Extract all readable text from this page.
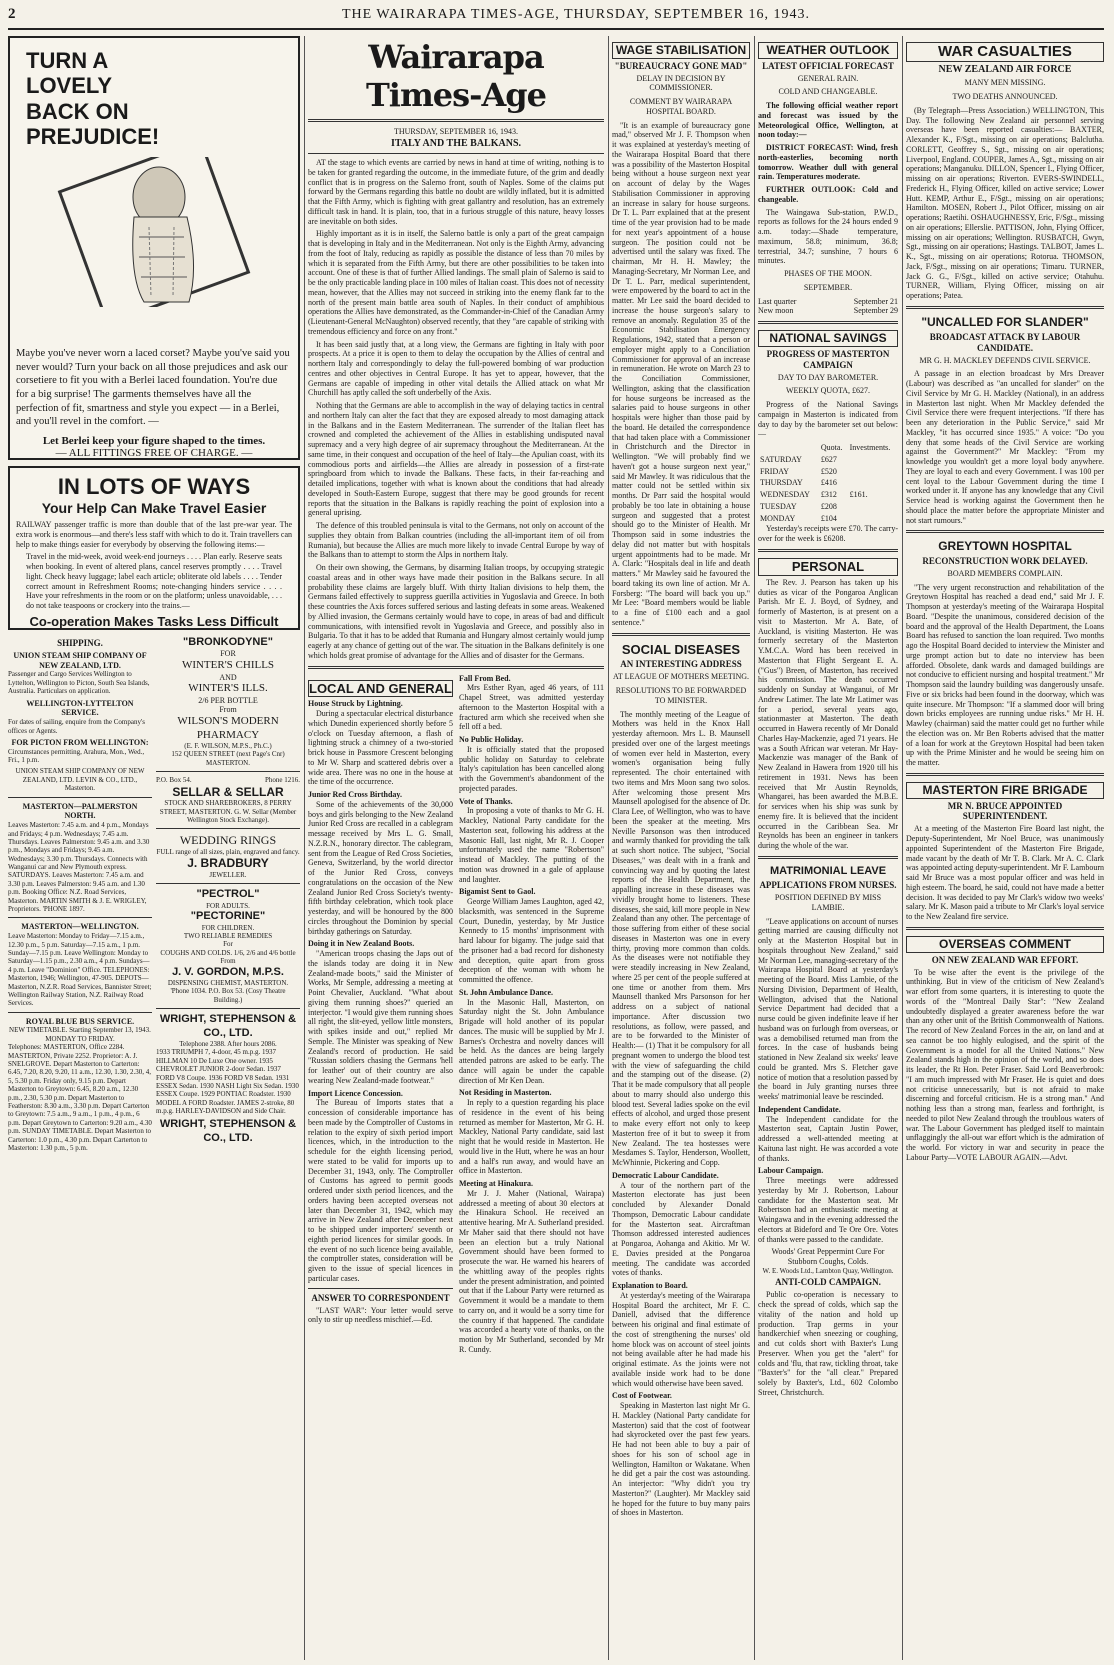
2	THE WAIRARAPA TIMES-AGE, THURSDAY, SEPTEMBER 16, 1943.
TURN A LOVELY BACK ON PREJUDICE!
Maybe you've never worn a laced corset? Maybe you've said you never would? Turn your back on all those prejudices and ask our corsetiere to fit you with a Berlei laced foundation. You're due for a big surprise! The garments themselves have all the perfection of fit, smartness and style you expect — in a Berlei, and you'll revel in the comfort. —
Let Berlei keep your figure shaped to the times.
— ALL FITTINGS FREE OF CHARGE. —
IN LOTS OF WAYS
Your Help Can Make Travel Easier
RAILWAY passenger traffic is more than double that of the last pre-war year. The extra work is enormous—and there's less staff with which to do it. Train travellers can help to make things easier for everybody by observing the following items:—
Travel in the mid-week, avoid week-end journeys . . . . Plan early. Reserve seats when booking. In event of altered plans, cancel reserves promptly . . . . Travel light. Check heavy luggage; label each article; obliterate old labels . . . . Tender correct amount in Refreshment Rooms; note-changing hinders service . . . . Have your refreshments in the room or on the platform; unless unavoidable, . . . do not take teaspoons or crockery into the trains.—
Co-operation Makes Tasks Less Difficult
SHIPPING.
UNION STEAM SHIP COMPANY OF NEW ZEALAND, LTD.
Passenger and Cargo Services Wellington to Lyttelton, Wellington to Picton, South Sea Islands, Australia. Particulars on application.
WELLINGTON-LYTTELTON SERVICE.
For dates of sailing, enquire from the Company's offices or Agents.
FOR PICTON FROM WELLINGTON:
Circumstances permitting, Arahura, Mon., Wed., Fri., 1 p.m.
UNION STEAM SHIP COMPANY OF NEW ZEALAND, LTD. LEVIN & CO., LTD., Masterton.
MASTERTON—PALMERSTON NORTH.
Leaves Masterton: 7.45 a.m. and 4 p.m., Mondays and Fridays; 4 p.m. Wednesdays; 7.45 a.m. Thursdays. Leaves Palmerston: 9.45 a.m. and 3.30 p.m., Mondays and Fridays; 9.45 a.m. Wednesdays; 3.30 p.m. Thursdays. Connects with Wanganui car and New Plymouth express. SATURDAYS. Leaves Masterton: 7.45 a.m. and 3.30 p.m. Leaves Palmerston: 9.45 a.m. and 1.30 p.m. Booking Office: N.Z. Road Services, Masterton. MARTIN SMITH & J. E. WRIGLEY, Proprietors. 'PHONE 1897.
MASTERTON—WELLINGTON.
Leave Masterton: Monday to Friday—7.15 a.m., 12.30 p.m., 5 p.m. Saturday—7.15 a.m., 1 p.m. Sunday—7.15 p.m. Leave Wellington: Monday to Saturday—1.15 p.m., 2.30 a.m., 4 p.m. Sundays—4 p.m. Leave "Dominion" Office. TELEPHONES: Masterton, 1946; Wellington, 47-905. DEPOTS—Masterton, N.Z.R. Road Services, Bannister Street; Wellington Railway Station, N.Z. Railway Road Services.
ROYAL BLUE BUS SERVICE.
NEW TIMETABLE. Starting September 13, 1943. MONDAY TO FRIDAY.
Telephones: MASTERTON, Office 2284. MASTERTON, Private 2252. Proprietor: A. J. SNELGROVE. Depart Masterton to Carterton: 6.45, 7.20, 8.20, 9.20, 11 a.m., 12.30, 1.30, 2.30, 4, 5, 5.30 p.m. Friday only, 9.15 p.m. Depart Masterton to Greytown: 6.45, 8.20 a.m., 12.30 p.m., 2.30, 5.30 p.m. Depart Masterton to Featherston: 8.30 a.m., 3.30 p.m. Depart Carterton to Greytown: 7.5 a.m., 9 a.m., 1 p.m., 4 p.m., 6 p.m. Depart Greytown to Carterton: 9.20 a.m., 4.30 p.m. SUNDAY TIMETABLE. Depart Masterton to Carterton: 1.0 p.m., 4.30 p.m. Depart Carterton to Masterton: 1.30 p.m., 5 p.m.
"BRONKODYNE"
FOR
WINTER'S CHILLS
AND
WINTER'S ILLS.
2/6 PER BOTTLE
From
WILSON'S MODERN PHARMACY
(E. F. WILSON, M.P.S., Ph.C.)
152 QUEEN STREET (next Page's Cnr) MASTERTON.
P.O. Box 54.	Phone 1216.
SELLAR & SELLAR
STOCK AND SHAREBROKERS, 8 PERRY STREET, MASTERTON. G. W. Sellar (Member Wellington Stock Exchange).
WEDDING RINGS
FULL range of all sizes, plain, engraved and fancy.
J. BRADBURY
JEWELLER.
"PECTROL"
FOR ADULTS.
"PECTORINE"
FOR CHILDREN.
TWO RELIABLE REMEDIES
For
COUGHS AND COLDS. 1/6, 2/6 and 4/6 bottle
From
J. V. GORDON, M.P.S.
DISPENSING CHEMIST, MASTERTON.
'Phone 1034. P.O. Box 53. (Cosy Theatre Building.)
WRIGHT, STEPHENSON & CO., LTD.
Telephone 2388. After hours 2086.
1933 TRIUMPH 7, 4-door, 45 m.p.g. 1937 HILLMAN 10 De Luxe One owner. 1935 CHEVROLET JUNIOR 2-door Sedan. 1937 FORD V8 Coupe. 1936 FORD V8 Sedan. 1931 ESSEX Sedan. 1930 NASH Light Six Sedan. 1930 ESSEX Coupe. 1929 PONTIAC Roadster. 1930 MODEL A FORD Roadster. JAMES 2-stroke, 80 m.p.g. HARLEY-DAVIDSON and Side Chair.
WRIGHT, STEPHENSON & CO., LTD.
Wairarapa Times-Age
THURSDAY, SEPTEMBER 16, 1943.
ITALY AND THE BALKANS.

AT the stage to which events are carried by news in hand at time of writing, nothing is to be taken for granted regarding the outcome, in the immediate future, of the grim and deadly conflict that is in progress on the Salerno front, south of Naples. Some of the claims put forward by the Germans regarding this battle no doubt are wildly inflated, but it is admitted that the Fifth Army, which is fighting with great gallantry and resolution, has an extremely difficult task in hand. It is plain, too, that in a furious struggle of this nature, heavy losses are inevitable on both sides.

Highly important as it is in itself, the Salerno battle is only a part of the great campaign that is developing in Italy and in the Mediterranean. Not only is the Eighth Army, advancing from the foot of Italy, reducing as rapidly as possible the distance of less than 70 miles by which it is separated from the Fifth Army, but there are other possibilities to be taken into account. One of these is that of further Allied landings. The small plain of Salerno is said to be the only practicable landing place in 100 miles of Italian coast. This does not of necessity mean, however, that the Allies may not succeed in striking into the enemy flank far to the north of the present main battle area south of Naples. In their conduct of amphibious operations the Allies have demonstrated, as the Commander-in-Chief of the Canadian Army (Lieutenant-General McNaughton) observed recently, that they "are capable of striking with tremendous efficiency and force on any front."

It has been said justly that, at a long view, the Germans are fighting in Italy with poor prospects. At a price it is open to them to delay the occupation by the Allies of central and northern Italy and correspondingly to delay the full-powered bombing of war production centres and other objectives in Central Europe. It has yet to appear, however, that the Germans are capable of impeding in other vital details the Allied attack on what Mr Churchill has aptly called the soft underbelly of the Axis.

Nothing that the Germans are able to accomplish in the way of delaying tactics in central and northern Italy can alter the fact that they are exposed already to most damaging attack in the Balkans and in the Eastern Mediterranean. The surrender of the Italian fleet has crowned and completed the achievement of the Allies in establishing undisputed naval supremacy and a very high degree of air supremacy throughout the Mediterranean. At the same time, in their conquest and occupation of the heel of Italy—the Apulian coast, with its commodious ports and airfields—the Allies are already in possession of a first-rate springboard from which to invade the Balkans. These facts, in their far-reaching and detailed implications, together with what is known about the conditions that had already developed in South-Eastern Europe, suggest that there may be good grounds for recent reports that the situation in the Balkans is rapidly reaching the point of explosion into a general uprising.

The defence of this troubled peninsula is vital to the Germans, not only on account of the supplies they obtain from Balkan countries (including the all-important item of oil from Rumania), but because the Allies are much more likely to invade Central Europe by way of the Balkans than to attempt to storm the Alps in northern Italy.

On their own showing, the Germans, by disarming Italian troops, by occupying strategic coastal areas and in other ways have made their position in the Balkans secure. In all probability these claims are largely bluff. With thirty Italian divisions to help them, the Germans failed effectively to suppress guerilla activities in Yugoslavia and Greece. In both these countries the Axis forces suffered serious and lasting defeats in some areas. Weakened by Allied invasion, the Germans certainly would have to cope, in areas of bad and difficult communications, with intensified revolt in Yugoslavia and Greece, and possibly also in Bulgaria. To that it has to be added that Rumania and Hungary almost certainly would jump eagerly at any chance of getting out of the war. The situation in the Balkans definitely is one which holds great promise of advantage for the Allies and of disaster for the Germans.

LOCAL AND GENERAL
House Struck by Lightning.

During a spectacular electrical disturbance which Dunedin experienced shortly before 5 o'clock on Tuesday afternoon, a flash of lightning struck a chimney of a two-storied brick house in Passmore Crescent belonging to Mr W. Sharp and scattered debris over a wide area. There was no one in the house at the time of the occurrence.

Junior Red Cross Birthday.

Some of the achievements of the 30,000 boys and girls belonging to the New Zealand Junior Red Cross are recalled in a cablegram message received by Mrs L. G. Small, N.Z.R.N., honorary director. The cablegram, sent from the League of Red Cross Societies, Geneva, Switzerland, by the world director of the Junior Red Cross, conveys congratulations on the occasion of the New Zealand Junior Red Cross Society's twenty-fifth birthday celebration, which took place yesterday, and will be honoured by the 800 circles throughout the Dominion by special birthday gatherings on Saturday.

Doing it in New Zealand Boots.

"American troops chasing the Japs out of the islands today are doing it in New Zealand-made boots," said the Minister of Works, Mr Semple, addressing a meeting at Point Chevalier, Auckland. "What about giving them running shoes?" queried an interjector. "I would give them running shoes all right, the slit-eyed, yellow little monsters, with spikes inside and out," replied Mr Semple. The Minister was speaking of New Zealand's record of production. He said "Russian soldiers chasing the Germans 'hell for leather' out of their country are also wearing New Zealand-made footwear."

Import Licence Concession.

The Bureau of Imports states that a concession of considerable importance has been made by the Comptroller of Customs in relation to the expiry of sixth period import licences, which, in the introduction to the schedule for the eighth licensing period, were stated to be valid for imports up to December 31, 1943, only. The Comptroller of Customs has agreed to permit goods ordered under sixth period licences, and the orders having been accepted overseas not later than December 31, 1942, which may arrive in New Zealand after December next to be shipped under importers' seventh or eighth period licences for similar goods. In the event of no such licence being available, the comptroller states, consideration will be given to the issue of special licences in particular cases.

ANSWER TO CORRESPONDENT

"LAST WAR": Your letter would serve only to stir up needless mischief.—Ed.

Fall From Bed.

Mrs Esther Ryan, aged 46 years, of 111 Chapel Street, was admitted yesterday afternoon to the Masterton Hospital with a fractured arm which she received when she fell off a bed.

No Public Holiday.

It is officially stated that the proposed public holiday on Saturday to celebrate Italy's capitulation has been cancelled along with the Government's abandonment of the projected parades.

Vote of Thanks.

In proposing a vote of thanks to Mr G. H. Mackley, National Party candidate for the Masterton seat, following his address at the Masonic Hall, last night, Mr R. J. Cooper unfortunately used the name "Robertson" instead of Mackley. The putting of the motion was drowned in a gale of applause and laughter.

Bigamist Sent to Gaol.

George William James Laughton, aged 42, blacksmith, was sentenced in the Supreme Court, Dunedin, yesterday, by Mr Justice Kennedy to 15 months' imprisonment with hard labour for bigamy. The judge said that the prisoner had a bad record for dishonesty and deception, quite apart from gross deception of the woman with whom he committed the offence.

St. John Ambulance Dance.

In the Masonic Hall, Masterton, on Saturday night the St. John Ambulance Brigade will hold another of its popular dances. The music will be supplied by Mr J. Barnes's Orchestra and novelty dances will be held. As the dances are being largely attended patrons are asked to be early. The dance will again be under the capable direction of Mr Ken Dean.

Not Residing in Masterton.

In reply to a question regarding his place of residence in the event of his being returned as member for Masterton, Mr G. H. Mackley, National Party candidate, said last night that he would reside in Masterton. He would live in the Hutt, where he was an hour and a half's run away, and would have an office in Masterton.

Meeting at Hinakura.

Mr J. J. Maher (National, Wairapa) addressed a meeting of about 30 electors at the Hinakura School. He received an attentive hearing. Mr A. Sutherland presided. Mr Maher said that there should not have been an election but a truly National Government should have been formed to prosecute the war. He warned his hearers of the whittling away of the peoples rights under the present administration, and pointed out that if the Labour Party were returned as Government it would be a mandate to them to carry on, and it would be a sorry time for the country if that happened. The candidate was accorded a hearty vote of thanks, on the motion by Mr Sutherland, seconded by Mr R. Cundy.

WAGE STABILISATION
"BUREAUCRACY GONE MAD"
DELAY IN DECISION BY COMMISSIONER.
COMMENT BY WAIRARAPA HOSPITAL BOARD.

"It is an example of bureaucracy gone mad," observed Mr J. F. Thompson when it was explained at yesterday's meeting of the Wairarapa Hospital Board that there was a possibility of the Masterton Hospital being without a house surgeon next year on account of delay by the Wages Stabilisation Commissioner in approving an increase in salary for house surgeons. Dr T. L. Parr explained that at the present time of the year provision had to be made for next year's appointment of a house surgeon. The position could not be advertised until the salary was fixed. The chairman, Mr H. H. Mawley; the Managing-Secretary, Mr Norman Lee, and Dr T. L. Parr, medical superintendent, were empowered by the board to act in the matter. Mr Lee said the board decided to increase the house surgeon's salary to remove an anomaly. Regulation 35 of the Economic Stabilisation Emergency Regulations, 1942, stated that a person or employer might apply to a Conciliation Commissioner for approval of an increase in remuneration. He wrote on March 23 to the Conciliation Commissioner, Wellington, asking that the classification for house surgeons be increased as the salaries paid to house surgeons in other hospitals were higher than those paid by the board. He detailed the correspondence that had taken place with a Commissioner in Christchurch and the Director in Wellington. "We will probably find we haven't got a house surgeon next year," said Mr Mawley. It was ridiculous that the matter could not be settled within six months. Dr Parr said the hospital would probably be too late in obtaining a house surgeon and suggested that a protest should go to the Minister of Health. Mr Thompson said in some industries the delay did not matter but with hospitals urgent appointments had to be made. Mr A. Clark: "Hospitals deal in life and death matters." Mr Mawley said he favoured the board taking its own line of action. Mr A. Forsberg: "The board will back you up." Mr Lee: "Board members would be liable to a fine of £100 each and a gaol sentence."

SOCIAL DISEASES
AN INTERESTING ADDRESS
AT LEAGUE OF MOTHERS MEETING.
RESOLUTIONS TO BE FORWARDED TO MINISTER.

The monthly meeting of the League of Mothers was held in the Knox Hall yesterday afternoon. Mrs L. B. Maunsell presided over one of the largest meetings of women ever held in Masterton, every women's organisation being fully represented. The choir entertained with two items and Mrs Moon sang two solos. After welcoming those present Mrs Maunsell apologised for the absence of Dr. Clara Lee, of Wellington, who was to have been the speaker at the meeting. Mrs Neville Parsonson was then introduced and warmly thanked for providing the talk at such short notice. The subject, "Social Diseases," was dealt with in a frank and convincing way and by quoting the latest reports of the Health Department, the appalling increase in these diseases was vividly brought home to listeners. These diseases, she said, kill more people in New Zealand than any other. The percentage of those suffering from either of these social diseases in Masterton was one in every thirty, proving more common than colds. As the diseases were not notifiable they were steadily increasing in New Zealand, where 25 per cent of the people suffered at one time or another from them. Mrs Maunsell thanked Mrs Parsonson for her address on a subject of national importance. After discussion two resolutions, as follow, were passed, and are to be forwarded to the Minister of Health:— (1) That it be compulsory for all pregnant women to undergo the blood test with the view of safeguarding the child and the stamping out of the disease. (2) That it be made compulsory that all people about to marry should also undergo this blood test. Several ladies spoke on the evil effects of alcohol, and urged those present to make every effort not only to keep Masterton free of it but to sweep it from New Zealand. The tea hostesses were Mesdames S. Taylor, Henderson, Woollett, McWhinnie, Pickering and Copp.

Democratic Labour Candidate.

A tour of the northern part of the Masterton electorate has just been concluded by Alexander Donald Thompson, Democratic Labour candidate for the Masterton seat. Aircraftman Thomson addressed interested audiences at Pongaroa, Aohanga and Akitio. Mr W. E. Davies presided at the Pongaroa meeting. The candidate was accorded votes of thanks.

Explanation to Board.

At yesterday's meeting of the Wairarapa Hospital Board the architect, Mr F. C. Daniell, advised that the difference between his original and final estimate of the cost of strengthening the nurses' old home block was on account of steel joints not being available after he had made his original estimate. As the joints were not available inside work had to be done which would otherwise have been saved.

Cost of Footwear.

Speaking in Masterton last night Mr G. H. Mackley (National Party candidate for Masterton) said that the cost of footwear had skyrocketed over the past few years. He had not been able to buy a pair of shoes for his son of school age in Wellington, Hamilton or Wakatane. When he did get a pair the cost was astounding. An interjector: "Why didn't you try Masterton?" (Laughter). Mr Mackley said he hoped for the future to buy many pairs of shoes in Masterton.

WEATHER OUTLOOK
LATEST OFFICIAL FORECAST
GENERAL RAIN.
COLD AND CHANGEABLE.

The following official weather report and forecast was issued by the Meteorological Office, Wellington, at noon today:—

DISTRICT FORECAST: Wind, fresh north-easterlies, becoming north tomorrow. Weather dull with general rain. Temperatures moderate.

FURTHER OUTLOOK: Cold and changeable.

The Waingawa Sub-station, P.W.D., reports as follows for the 24 hours ended 9 a.m. today:—Shade temperature, maximum, 58.8; minimum, 36.8; terrestrial, 34.7; sunshine, 7 hours 6 minutes.

PHASES OF THE MOON.
SEPTEMBER.
Last quarter	September 21
New moon	September 29
NATIONAL SAVINGS
PROGRESS OF MASTERTON CAMPAIGN
DAY TO DAY BAROMETER.
WEEKLY QUOTA, £627.

Progress of the National Savings campaign in Masterton is indicated from day to day by the barometer set out below:—

	Quota.	Investments.
SATURDAY	£627	
FRIDAY	£520	
THURSDAY	£416	
WEDNESDAY	£312	£161.
TUESDAY	£208	
MONDAY	£104	

Yesterday's receipts were £70. The carry-over for the week is £6208.

PERSONAL

The Rev. J. Pearson has taken up his duties as vicar of the Pongaroa Anglican Parish. Mr E. J. Boyd, of Sydney, and formerly of Masterton, is at present on a visit to Masterton. Mr A. Bate, of Auckland, is visiting Masterton. He was formerly secretary of the Masterton Y.M.C.A. Word has been received in Masterton that Flight Sergeant E. A. ("Gus") Breen, of Masterton, has received his commission. The death occurred suddenly on Sunday at Wanganui, of Mr Andrew Latimer. The late Mr Latimer was for a period, several years ago, stationmaster at Masterton. The death occurred in Hawera recently of Mr Donald Charles Hay-Mackenzie, aged 71 years. He was a South African war veteran. Mr Hay-Mackenzie was manager of the Bank of New Zealand in Hawera from 1920 till his retirement in 1931. News has been received that Mr Austin Reynolds, Whangarei, has been awarded the M.B.E. for services when his ship was sunk by enemy fire. It is believed that the incident occurred in the Caribbean Sea. Mr Reynolds has been an engineer in tankers during the whole of the war.

MATRIMONIAL LEAVE
APPLICATIONS FROM NURSES.
POSITION DEFINED BY MISS LAMBIE.

"Leave applications on account of nurses getting married are causing difficulty not only at the Masterton Hospital but in hospitals throughout New Zealand," said Mr Norman Lee, managing-secretary of the Wairarapa Hospital Board at yesterday's meeting of the Board. Miss Lambie, of the Nursing Division, Department of Health, Wellington, advised that the National Service Department had decided that a nurse could be given indefinite leave if her husband was on furlough from overseas, or was a demobilised returned man from the forces. In the case of husbands being stationed in New Zealand six weeks' leave could be granted. Mrs S. Fletcher gave notice of motion that a resolution passed by the board in July granting nurses three weeks' matrimonial leave be rescinded.

Independent Candidate.

The Independent candidate for the Masterton seat, Captain Justin Power, addressed a well-attended meeting at Kaituna last night. He was accorded a vote of thanks.

Labour Campaign.

Three meetings were addressed yesterday by Mr J. Robertson, Labour candidate for the Masterton seat. Mr Robertson had an enthusiastic meeting at Waingawa and in the evening addressed the electors at Bideford and Te Ore Ore. Votes of thanks were passed to the candidate.

Woods' Great Peppermint Cure For Stubborn Coughs, Colds.
W. E. Woods Ltd., Lambton Quay, Wellington.
ANTI-COLD CAMPAIGN.

Public co-operation is necessary to check the spread of colds, which sap the vitality of the nation and hold up production. Trap germs in your handkerchief when sneezing or coughing, and cut colds short with Baxter's Lung Preserver. When you get the "alert" for colds and 'flu, that raw, tickling throat, take "Baxter's" for the "all clear." Prepared solely by Baxter's, Ltd., 602 Colombo Street, Christchurch.

WAR CASUALTIES
NEW ZEALAND AIR FORCE
MANY MEN MISSING.
TWO DEATHS ANNOUNCED.

(By Telegraph—Press Association.) WELLINGTON, This Day. The following New Zealand air personnel serving overseas have been reported casualties:— BAXTER, Alexander K., F/Sgt., missing on air operations; Balclutha. CORLETT, Geoffrey S., Sgt., missing on air operations; Liverpool, England. COUPER, James A., Sgt., missing on air operations; Manganuku. DILLON, Spencer I., Flying Officer, missing on air operations; Riverton. EVERS-SWINDELL, Frederick H., Flying Officer, killed on active service; Lower Hutt. KEMP, Arthur E., F/Sgt., missing on air operations; Hamilton. MOSEN, Robert J., Pilot Officer, missing on air operations; Raetihi. OSHAUGHNESSY, Eric, F/Sgt., missing on air operations; Ellerslie. PATTISON, John, Flying Officer, missing on air operations; Wellington. RUSBATCH, Gwyn, Sgt., missing on air operations; Hastings. TALBOT, James L. K., Sgt., missing on air operations; Rotorua. THOMSON, Jack, F/Sgt., missing on air operations; Timaru. TURNER, Jack G. G., F/Sgt., killed on active service; Otahuhu. TURNER, William, Flying Officer, missing on air operations; Patea.

"UNCALLED FOR SLANDER"
BROADCAST ATTACK BY LABOUR CANDIDATE.
MR G. H. MACKLEY DEFENDS CIVIL SERVICE.

A passage in an election broadcast by Mrs Dreaver (Labour) was described as "an uncalled for slander" on the Civil Service by Mr G. H. Mackley (National), in an address in Masterton last night. When Mr Mackley defended the Civil Service there were frequent interjections. "If there has been any deterioration in the Public Service," said Mr Mackley, "it has occurred since 1935." A voice: "Do you deny that some heads of the Civil Service are working against the Government?" Mr Mackley: "From my knowledge you wouldn't get a more loyal body anywhere. They are loyal to each and every Government. I was 100 per cent loyal to the Labour Government during the time I worked under it. If anyone has any knowledge that any Civil Service head is working against the Government then he should place the matter before the appropriate Minister and not start rumours."

GREYTOWN HOSPITAL
RECONSTRUCTION WORK DELAYED.
BOARD MEMBERS COMPLAIN.

"The very urgent reconstruction and rehabilitation of the Greytown Hospital has reached a dead end," said Mr J. F. Thompson at yesterday's meeting of the Wairarapa Hospital Board. "Despite the unanimous, considered decision of the board and the approval of the Health Department, the Loans Board has refused to sanction the loan required. Two months ago the Hospital Board decided to interview the Minister and urge prompt action but to date no interview has been afforded. Obsolete, dank wards and damaged buildings are not conducive to efficient nursing and hospital treatment." Mr Thompson said the laundry building was dangerously unsafe. Five or six bricks had been found in the doorway, which was quite insecure. Mr Thompson: "If a slammed door will bring down bricks employees are running undue risks." Mr H. H. Mawley (chairman) said the matter could get no further while the election was on. Mr Ben Roberts advised that the matter of a loan for work at the Greytown Hospital had been taken up with the Prime Minister and he would be seeing him on the matter.

MASTERTON FIRE BRIGADE
MR N. BRUCE APPOINTED SUPERINTENDENT.

At a meeting of the Masterton Fire Board last night, the Deputy-Superintendent, Mr Noel Bruce, was unanimously appointed Superintendent of the Masterton Fire Brigade, made vacant by the death of Mr T. B. Clark. Mr A. C. Clark was appointed acting deputy-superintendent. Mr F. Lambourn said Mr Bruce was a most popular officer and was held in high esteem. The board, he said, could not have made a better decision. It was decided to pay Mr Clark's widow two weeks' salary. Mr K. Mason paid a tribute to Mr Clark's loyal service to the New Zealand fire service.

OVERSEAS COMMENT
ON NEW ZEALAND WAR EFFORT.

To be wise after the event is the privilege of the unthinking. But in view of the criticism of New Zealand's war effort from some quarters, it is interesting to quote the words of the "Montreal Daily Star": "New Zealand undoubtedly displayed a greater awareness before the war than any other unit of the British Commonwealth of Nations. The record of New Zealand Forces in the air, on land and at sea cannot be too highly eulogised, and the spirit of the Government is a model for all the United Nations." New Zealand stands high in the opinion of the world, and so does its leader, the Rt Hon. Peter Fraser. Said Lord Beaverbrook: "I am much impressed with Mr Fraser. He is quiet and does not criticise unnecessarily, but is not afraid to make discerning and forceful criticism. He is a strong man." And nothing less than a strong man, fearless and forthright, is needed to pilot New Zealand through the troublous waters of war. The Labour Government has pledged itself to maintain unflaggingly the all-out war effort which is the admiration of the world. For victory in war and security in peace the Labour Party—VOTE LABOUR AGAIN.—Advt.
